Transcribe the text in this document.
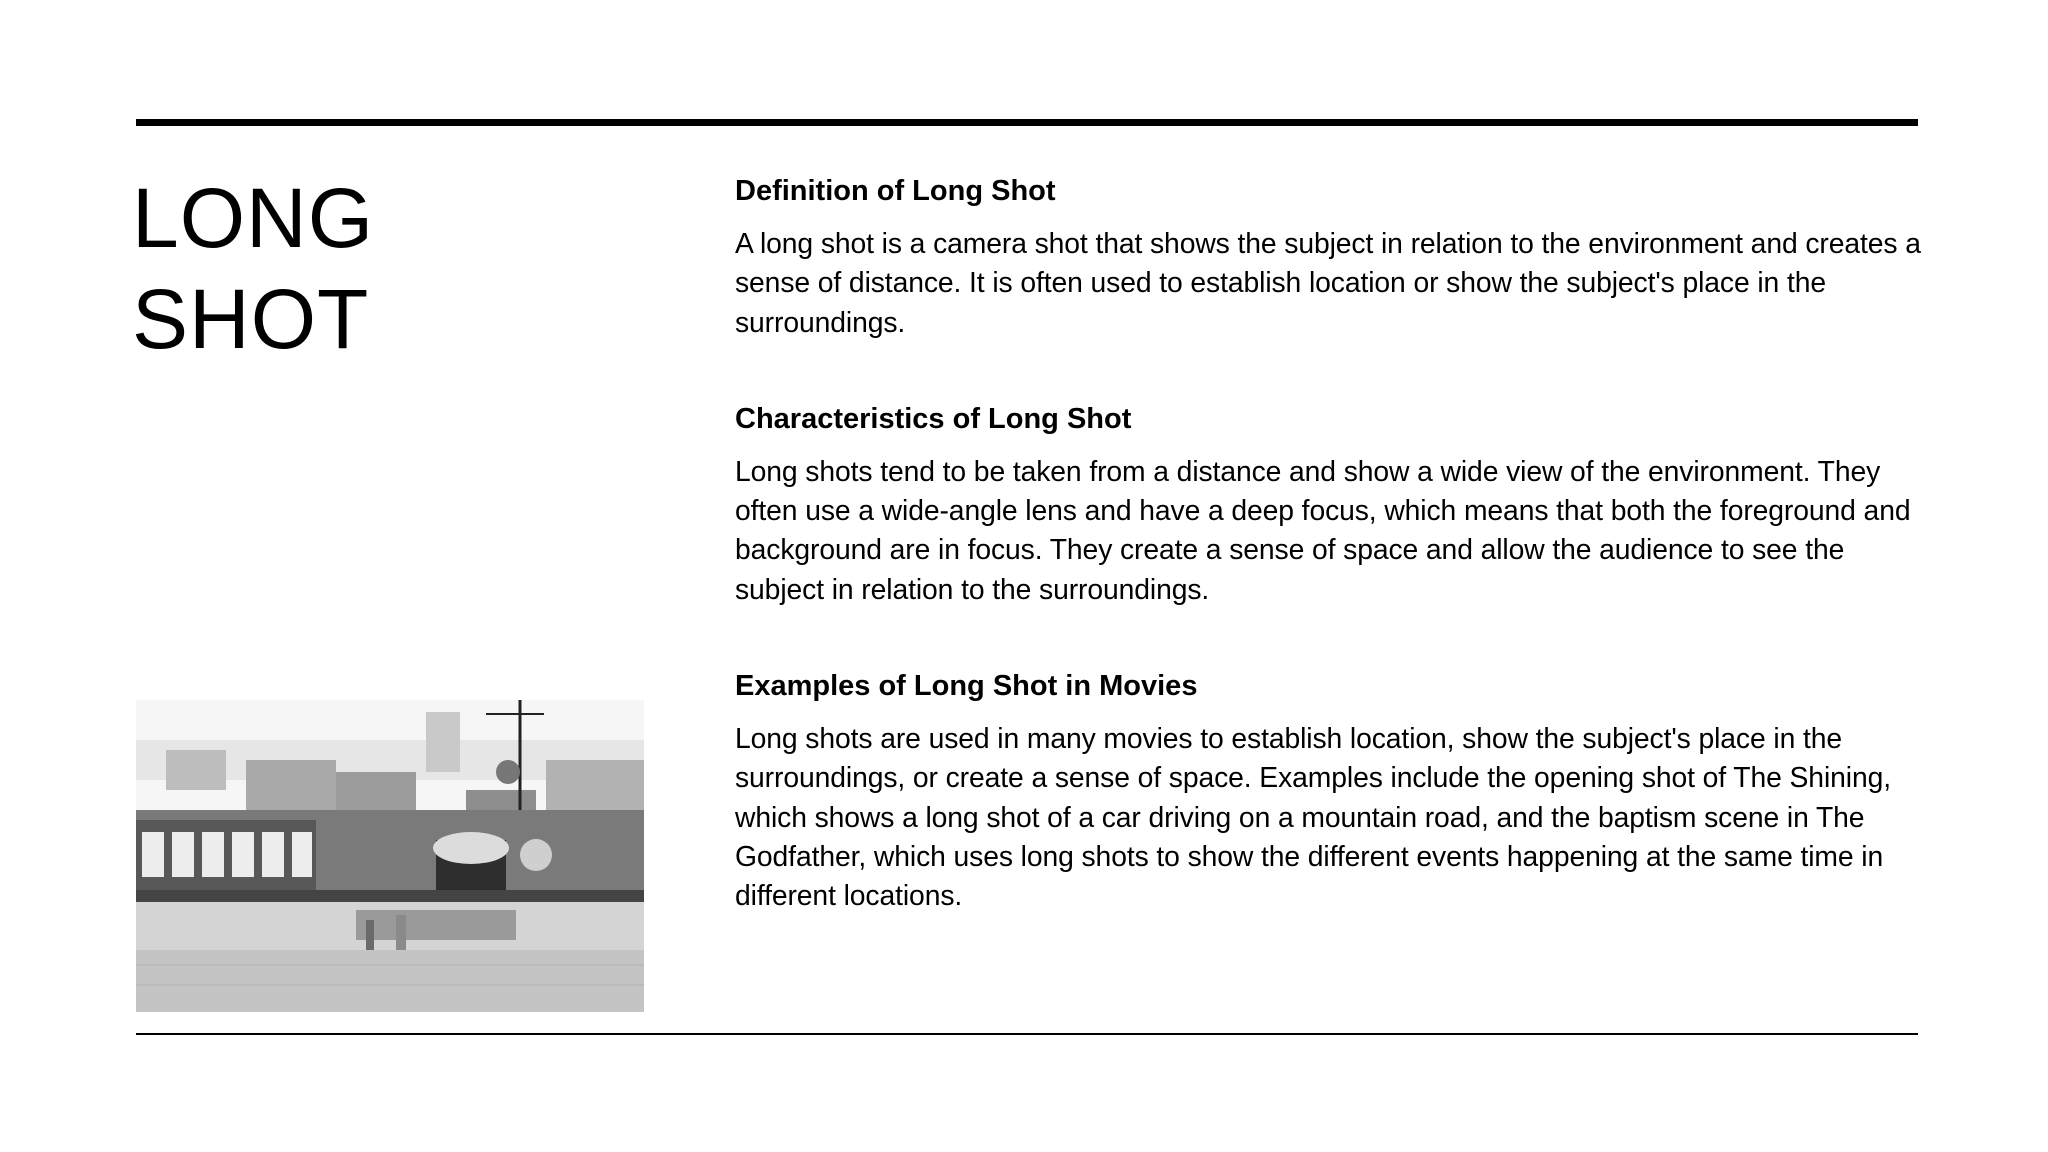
LONG
SHOT
Definition of Long Shot

A long shot is a camera shot that shows the subject in relation to the environment and creates a sense of distance. It is often used to establish location or show the subject's place in the surroundings.

Characteristics of Long Shot

Long shots tend to be taken from a distance and show a wide view of the environment. They often use a wide-angle lens and have a deep focus, which means that both the foreground and background are in focus. They create a sense of space and allow the audience to see the subject in relation to the surroundings.

Examples of Long Shot in Movies

Long shots are used in many movies to establish location, show the subject's place in the surroundings, or create a sense of space. Examples include the opening shot of The Shining, which shows a long shot of a car driving on a mountain road, and the baptism scene in The Godfather, which uses long shots to show the different events happening at the same time in different locations.
